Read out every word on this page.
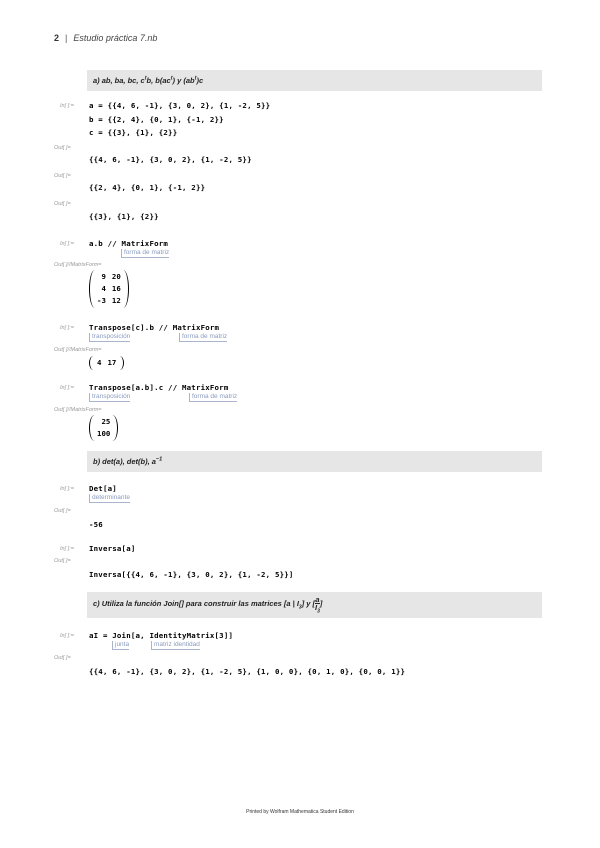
2 | Estudio práctica 7.nb
a) ab, ba, bc, $c^tb$, $b(ac^t)$ y $(ab^t)c$
In[ ]:= a = {{4, 6, -1}, {3, 0, 2}, {1, -2, 5}}
b = {{2, 4}, {0, 1}, {-1, 2}}
c = {{3}, {1}, {2}}
Out[ ]=
{{4, 6, -1}, {3, 0, 2}, {1, -2, 5}}
Out[ ]=
{{2, 4}, {0, 1}, {-1, 2}}
Out[ ]=
{{3}, {1}, {2}}
In[ ]:= a.b // MatrixForm
forma de matriz
Out[ ]//MatrixForm=
9	20
4	16
-3	12
In[ ]:= Transpose[c].b // MatrixForm
transposición	forma de matriz
Out[ ]//MatrixForm=
4	17
In[ ]:= Transpose[a.b].c // MatrixForm
transposición	forma de matriz
Out[ ]//MatrixForm=
25
100
b) det(a), det(b), $a^{-1}$
In[ ]:= Det[a]
determinante
Out[ ]=
-56
In[ ]:= Inversa[a]
Out[ ]=
Inversa[{{4, 6, -1}, {3, 0, 2}, {1, -2, 5}}]
c) Utiliza la función Join[] para construir las matrices [a | $I_3$] y [ $\frac{a}{I_3}$ ]
In[ ]:= aI = Join[a, IdentityMatrix[3]]
junta	matriz identidad
Out[ ]=
{{4, 6, -1}, {3, 0, 2}, {1, -2, 5}, {1, 0, 0}, {0, 1, 0}, {0, 0, 1}}
Printed by Wolfram Mathematica Student Edition
